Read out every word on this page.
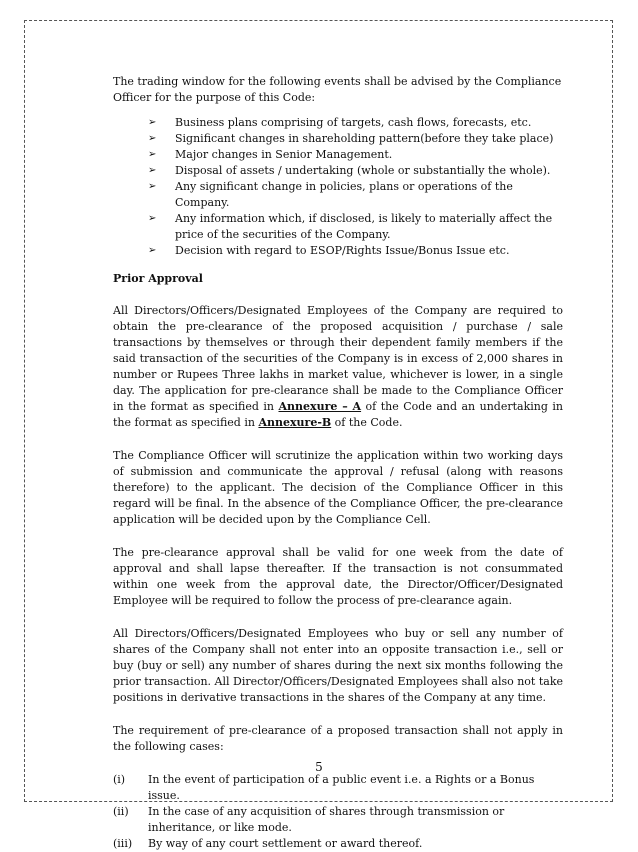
The trading window for the following events shall be advised by the Compliance Officer for the purpose of this Code:

➢ Business plans comprising of targets, cash flows, forecasts, etc.
➢ Significant changes in shareholding pattern(before they take place)
➢ Major changes in Senior Management.
➢ Disposal of assets / undertaking (whole or substantially the whole).
➢ Any significant change in policies, plans or operations of the Company.
➢ Any information which, if disclosed, is likely to materially affect the price of the securities of the Company.
➢ Decision with regard to ESOP/Rights Issue/Bonus Issue etc.
Prior Approval

All Directors/Officers/Designated Employees of the Company are required to obtain the pre-clearance of the proposed acquisition / purchase / sale transactions by themselves or through their dependent family members if the said transaction of the securities of the Company is in excess of 2,000 shares in number or Rupees Three lakhs in market value, whichever is lower, in a single day. The application for pre-clearance shall be made to the Compliance Officer in the format as specified in Annexure – A of the Code and an undertaking in the format as specified in Annexure-B of the Code.

The Compliance Officer will scrutinize the application within two working days of submission and communicate the approval / refusal (along with reasons therefore) to the applicant. The decision of the Compliance Officer in this regard will be final. In the absence of the Compliance Officer, the pre-clearance application will be decided upon by the Compliance Cell.

The pre-clearance approval shall be valid for one week from the date of approval and shall lapse thereafter. If the transaction is not consummated within one week from the approval date, the Director/Officer/Designated Employee will be required to follow the process of pre-clearance again.

All Directors/Officers/Designated Employees who buy or sell any number of shares of the Company shall not enter into an opposite transaction i.e., sell or buy (buy or sell) any number of shares during the next six months following the prior transaction. All Director/Officers/Designated Employees shall also not take positions in derivative transactions in the shares of the Company at any time.

The requirement of pre-clearance of a proposed transaction shall not apply in the following cases:

(i) In the event of participation of a public event i.e. a Rights or a Bonus issue.
(ii) In the case of any acquisition of shares through transmission or inheritance, or like mode.
(iii) By way of any court settlement or award thereof.
5
